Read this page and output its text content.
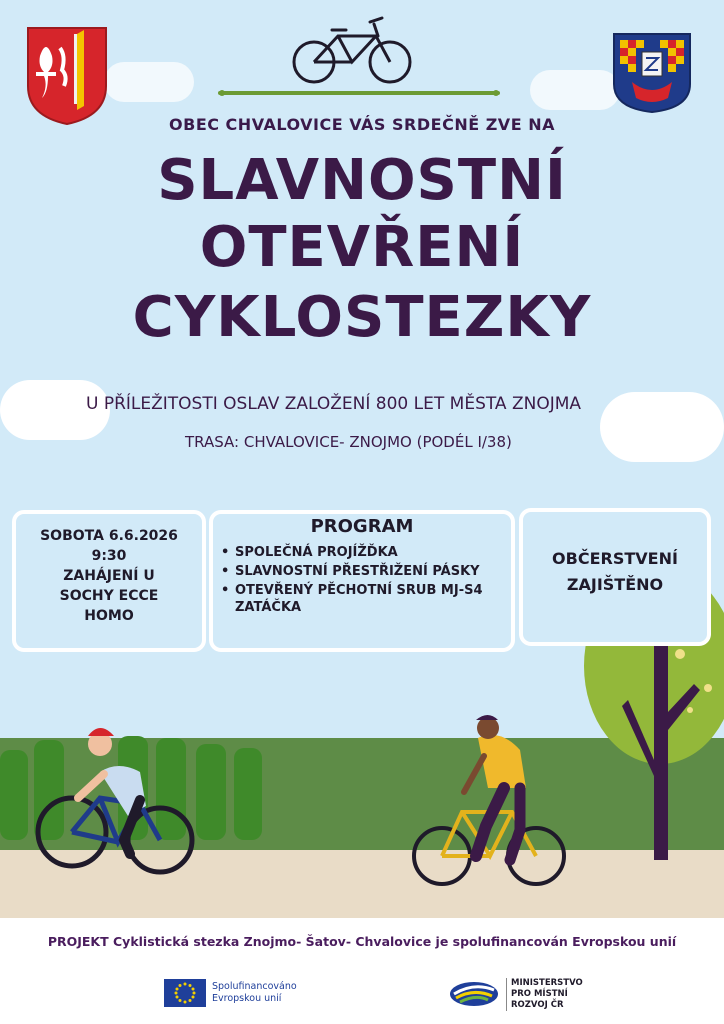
OBEC CHVALOVICE VÁS SRDEČNĚ ZVE NA
SLAVNOSTNÍ
OTEVŘENÍ
CYKLOSTEZKY
U PŘÍLEŽITOSTI OSLAV ZALOŽENÍ 800 LET MĚSTA ZNOJMA
TRASA: CHVALOVICE- ZNOJMO (PODÉL I/38)
SOBOTA 6.6.2026
9:30
ZAHÁJENÍ U
SOCHY ECCE
HOMO
PROGRAM
• SPOLEČNÁ PROJÍŽĎKA
• SLAVNOSTNÍ PŘESTŘIŽENÍ PÁSKY
• OTEVŘENÝ PĚCHOTNÍ SRUB MJ-S4 ZATÁČKA
OBČERSTVENÍ
ZAJIŠTĚNO
PROJEKT Cyklistická stezka Znojmo- Šatov- Chvalovice je spolufinancován Evropskou unií
Spolufinancováno
Evropskou unií
MINISTERSTVO
PRO MÍSTNÍ
ROZVOJ ČR
